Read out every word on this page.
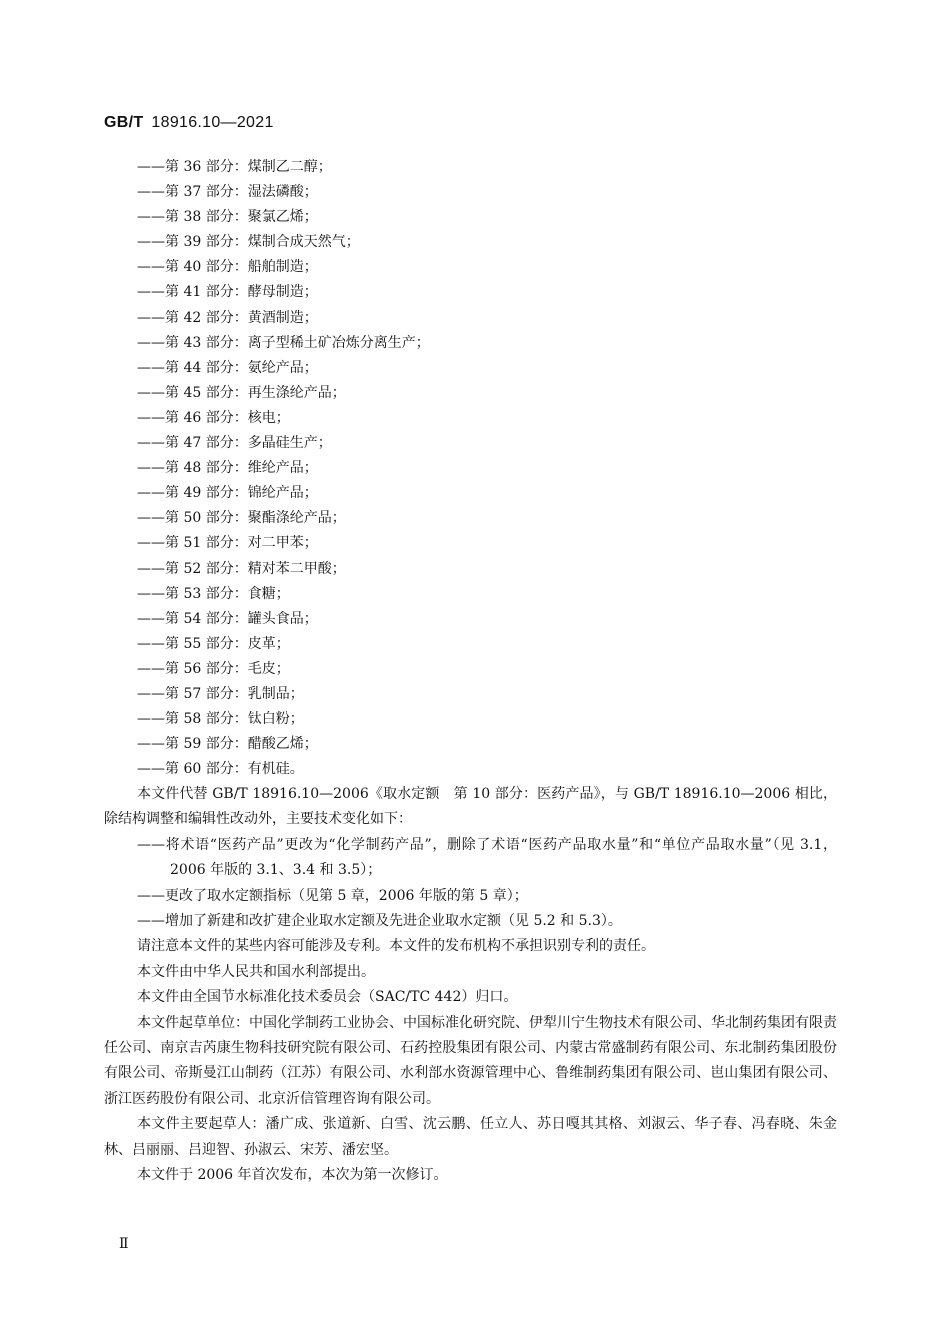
GB/T 18916.10—2021
——第 36 部分：煤制乙二醇；
——第 37 部分：湿法磷酸；
——第 38 部分：聚氯乙烯；
——第 39 部分：煤制合成天然气；
——第 40 部分：船舶制造；
——第 41 部分：酵母制造；
——第 42 部分：黄酒制造；
——第 43 部分：离子型稀土矿冶炼分离生产；
——第 44 部分：氨纶产品；
——第 45 部分：再生涤纶产品；
——第 46 部分：核电；
——第 47 部分：多晶硅生产；
——第 48 部分：维纶产品；
——第 49 部分：锦纶产品；
——第 50 部分：聚酯涤纶产品；
——第 51 部分：对二甲苯；
——第 52 部分：精对苯二甲酸；
——第 53 部分：食糖；
——第 54 部分：罐头食品；
——第 55 部分：皮革；
——第 56 部分：毛皮；
——第 57 部分：乳制品；
——第 58 部分：钛白粉；
——第 59 部分：醋酸乙烯；
——第 60 部分：有机硅。

本文件代替 GB/T 18916.10—2006《取水定额　第 10 部分：医药产品》，与 GB/T 18916.10—2006 相比，除结构调整和编辑性改动外，主要技术变化如下：

——将术语“医药产品”更改为“化学制药产品”，删除了术语“医药产品取水量”和“单位产品取水量”（见 3.1，2006 年版的 3.1、3.4 和 3.5）；

——更改了取水定额指标（见第 5 章，2006 年版的第 5 章）；

——增加了新建和改扩建企业取水定额及先进企业取水定额（见 5.2 和 5.3）。

请注意本文件的某些内容可能涉及专利。本文件的发布机构不承担识别专利的责任。

本文件由中华人民共和国水利部提出。

本文件由全国节水标准化技术委员会（SAC/TC 442）归口。

本文件起草单位：中国化学制药工业协会、中国标准化研究院、伊犁川宁生物技术有限公司、华北制药集团有限责任公司、南京吉芮康生物科技研究院有限公司、石药控股集团有限公司、内蒙古常盛制药有限公司、东北制药集团股份有限公司、帝斯曼江山制药（江苏）有限公司、水利部水资源管理中心、鲁维制药集团有限公司、岜山集团有限公司、浙江医药股份有限公司、北京沂信管理咨询有限公司。

本文件主要起草人：潘广成、张道新、白雪、沈云鹏、任立人、苏日嘎其其格、刘淑云、华子春、冯春晓、朱金林、吕丽丽、吕迎智、孙淑云、宋芳、潘宏坚。

本文件于 2006 年首次发布，本次为第一次修订。

Ⅱ
